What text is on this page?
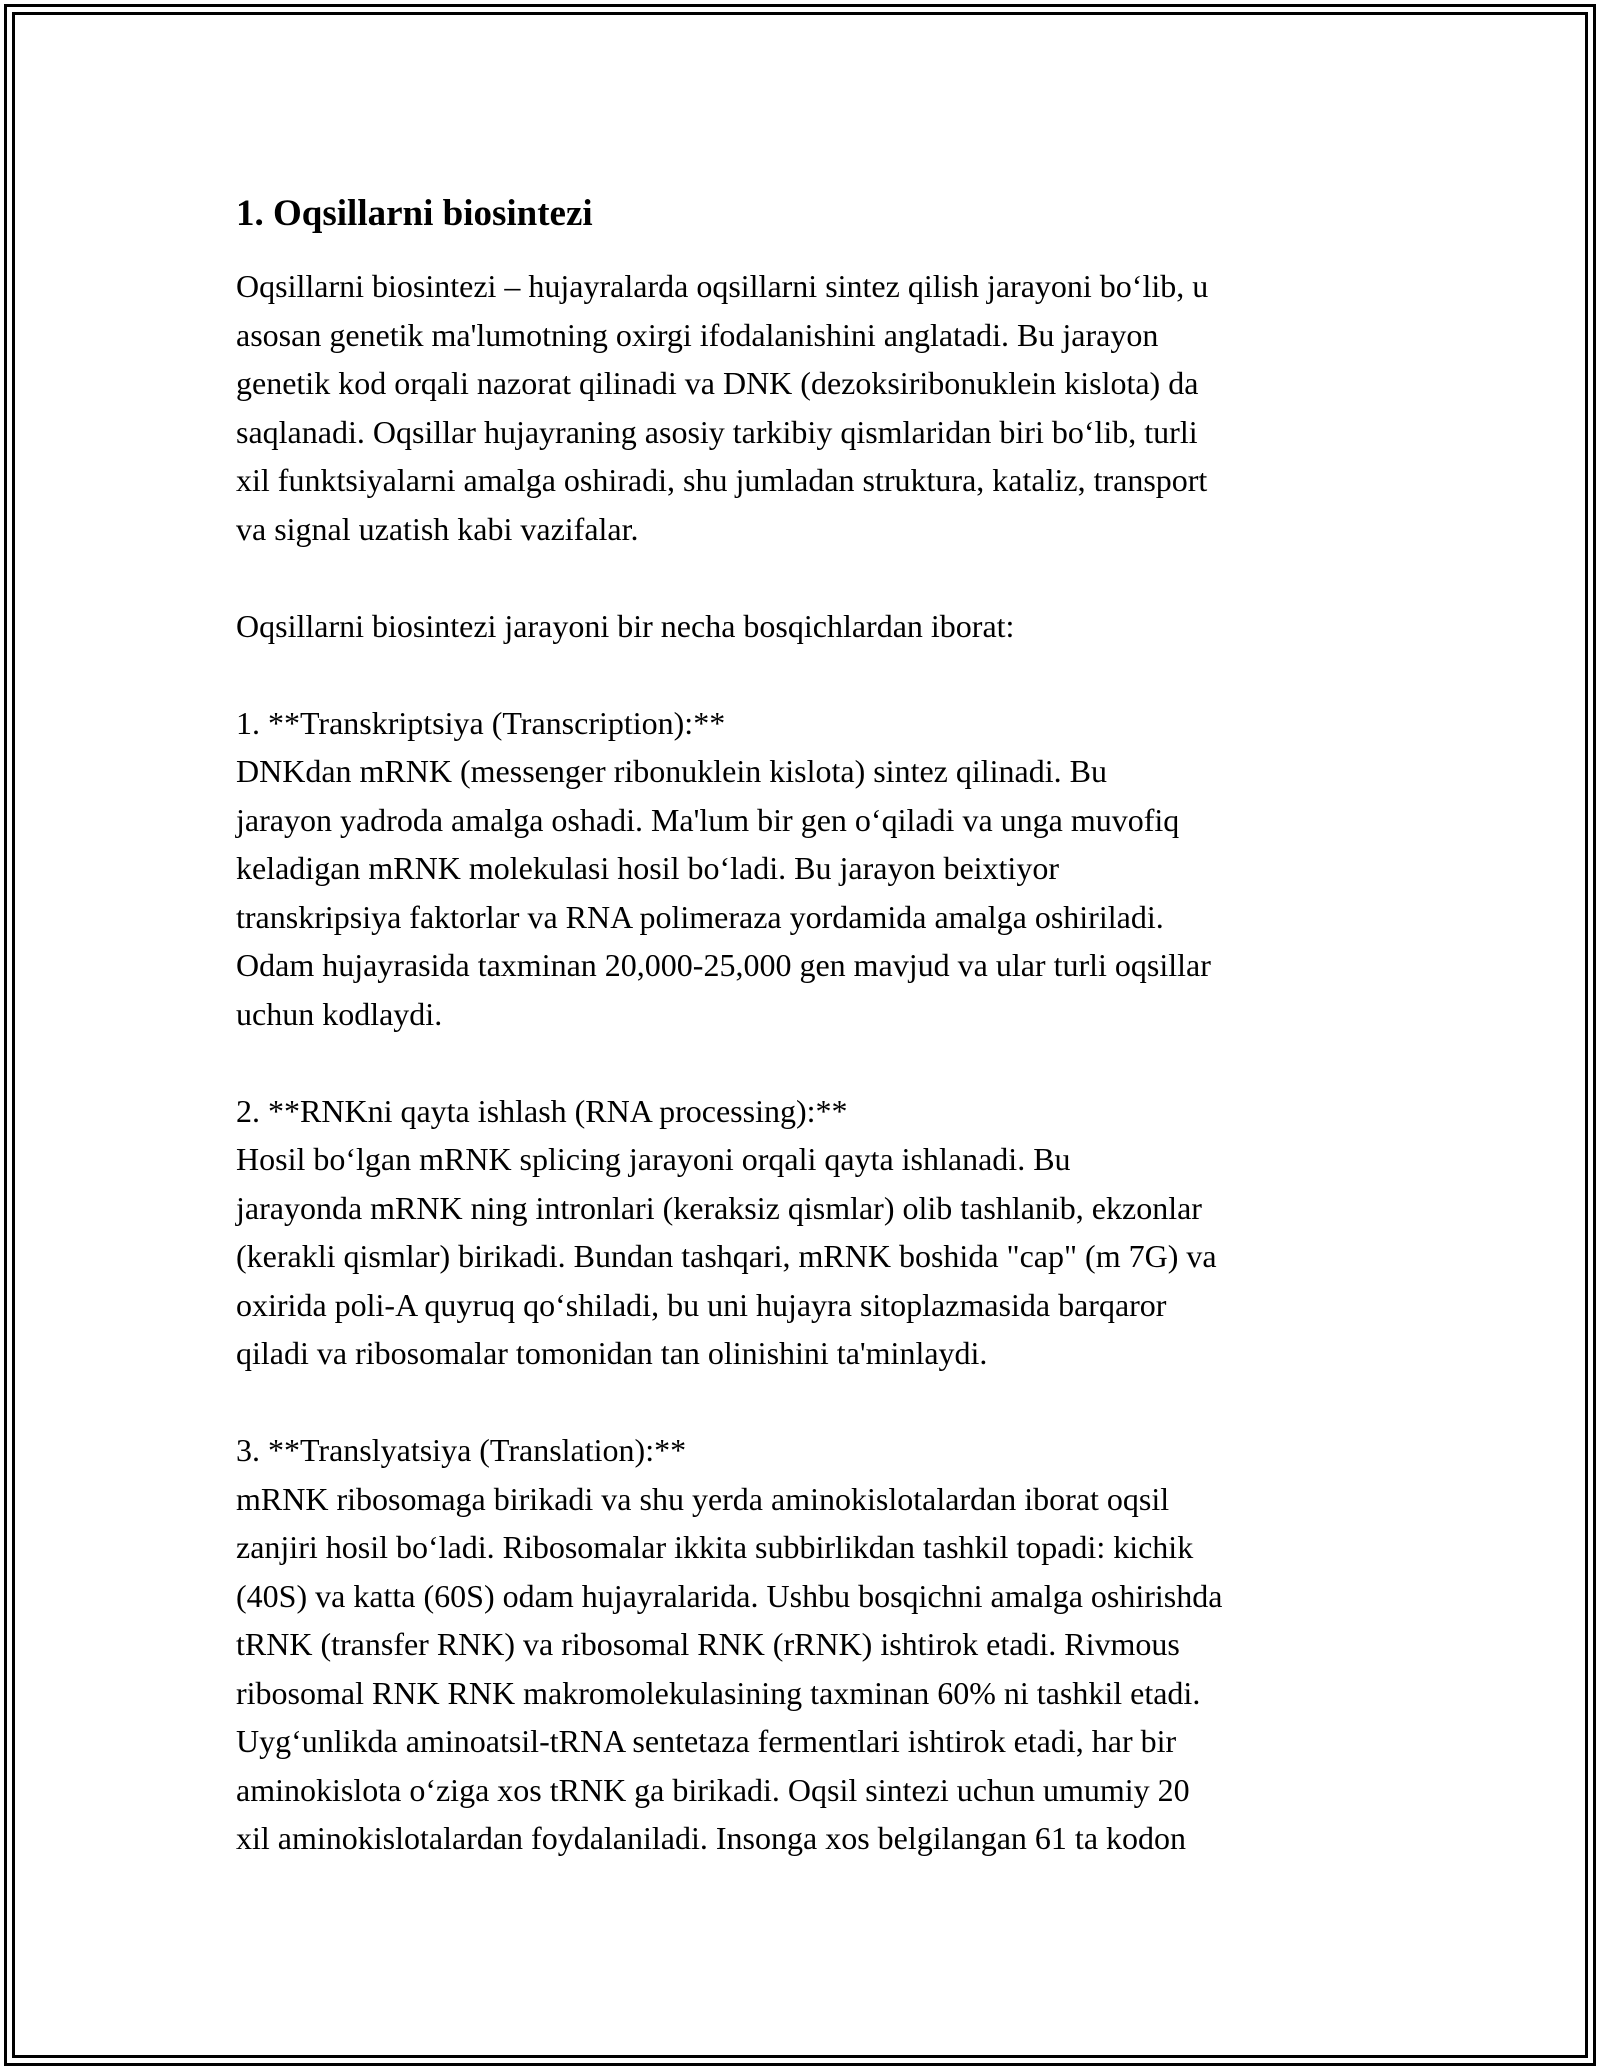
1. Oqsillarni biosintezi

Oqsillarni biosintezi – hujayralarda oqsillarni sintez qilish jarayoni bo‘lib, u
asosan genetik ma'lumotning oxirgi ifodalanishini anglatadi. Bu jarayon
genetik kod orqali nazorat qilinadi va DNK (dezoksiribonuklein kislota) da
saqlanadi. Oqsillar hujayraning asosiy tarkibiy qismlaridan biri bo‘lib, turli
xil funktsiyalarni amalga oshiradi, shu jumladan struktura, kataliz, transport
va signal uzatish kabi vazifalar.

Oqsillarni biosintezi jarayoni bir necha bosqichlardan iborat:

1. **Transkriptsiya (Transcription):**

DNKdan mRNK (messenger ribonuklein kislota) sintez qilinadi. Bu
jarayon yadroda amalga oshadi. Ma'lum bir gen o‘qiladi va unga muvofiq
keladigan mRNK molekulasi hosil bo‘ladi. Bu jarayon beixtiyor
transkripsiya faktorlar va RNA polimeraza yordamida amalga oshiriladi.
Odam hujayrasida taxminan 20,000-25,000 gen mavjud va ular turli oqsillar
uchun kodlaydi.

2. **RNKni qayta ishlash (RNA processing):**

Hosil bo‘lgan mRNK splicing jarayoni orqali qayta ishlanadi. Bu
jarayonda mRNK ning intronlari (keraksiz qismlar) olib tashlanib, ekzonlar
(kerakli qismlar) birikadi. Bundan tashqari, mRNK boshida "cap" (m 7G) va
oxirida poli-A quyruq qo‘shiladi, bu uni hujayra sitoplazmasida barqaror
qiladi va ribosomalar tomonidan tan olinishini ta'minlaydi.

3. **Translyatsiya (Translation):**

mRNK ribosomaga birikadi va shu yerda aminokislotalardan iborat oqsil
zanjiri hosil bo‘ladi. Ribosomalar ikkita subbirlikdan tashkil topadi: kichik
(40S) va katta (60S) odam hujayralarida. Ushbu bosqichni amalga oshirishda
tRNK (transfer RNK) va ribosomal RNK (rRNK) ishtirok etadi. Rivmous
ribosomal RNK RNK makromolekulasining taxminan 60% ni tashkil etadi.
Uyg‘unlikda aminoatsil-tRNA sentetaza fermentlari ishtirok etadi, har bir
aminokislota o‘ziga xos tRNK ga birikadi. Oqsil sintezi uchun umumiy 20
xil aminokislotalardan foydalaniladi. Insonga xos belgilangan 61 ta kodon
